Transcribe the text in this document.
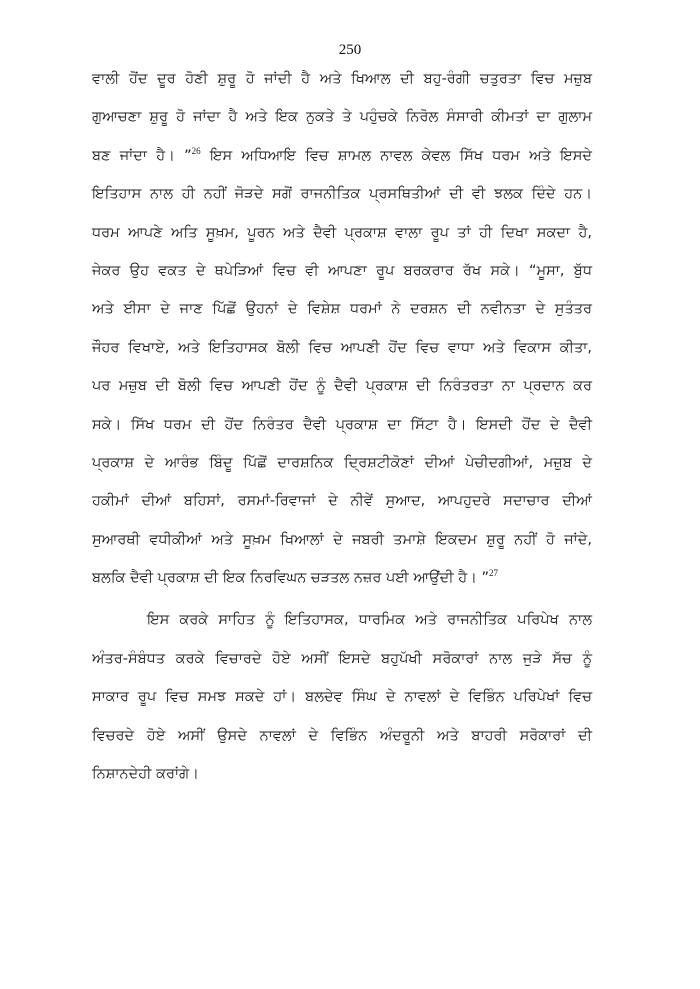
250
ਵਾਲੀ ਹੋਂਦ ਦੂਰ ਹੋਣੀ ਸ਼ੁਰੂ ਹੋ ਜਾਂਦੀ ਹੈ ਅਤੇ ਖਿਆਲ ਦੀ ਬਹੁ-ਰੰਗੀ ਚਤੁਰਤਾ ਵਿਚ ਮਜ਼ੁਬ
ਗੁਆਚਣਾ ਸ਼ੁਰੂ ਹੋ ਜਾਂਦਾ ਹੈ ਅਤੇ ਇਕ ਨੁਕਤੇ ਤੇ ਪਹੁੰਚਕੇ ਨਿਰੋਲ ਸੰਸਾਰੀ ਕੀਮਤਾਂ ਦਾ ਗੁਲਾਮ
ਬਣ ਜਾਂਦਾ ਹੈ। ”$^{26}$ ਇਸ ਅਧਿਆਇ ਵਿਚ ਸ਼ਾਮਲ ਨਾਵਲ ਕੇਵਲ ਸਿੱਖ ਧਰਮ ਅਤੇ ਇਸਦੇ
ਇਤਿਹਾਸ ਨਾਲ ਹੀ ਨਹੀਂ ਜੋੜਦੇ ਸਗੋਂ ਰਾਜਨੀਤਿਕ ਪ੍ਰਸਥਿਤੀਆਂ ਦੀ ਵੀ ਝਲਕ ਦਿੰਦੇ ਹਨ।
ਧਰਮ ਆਪਣੇ ਅਤਿ ਸੂਖ਼ਮ, ਪੂਰਨ ਅਤੇ ਦੈਵੀ ਪ੍ਰਕਾਸ਼ ਵਾਲਾ ਰੂਪ ਤਾਂ ਹੀ ਦਿਖਾ ਸਕਦਾ ਹੈ,
ਜੇਕਰ ਉਹ ਵਕਤ ਦੇ ਥਪੇੜਿਆਂ ਵਿਚ ਵੀ ਆਪਣਾ ਰੂਪ ਬਰਕਰਾਰ ਰੱਖ ਸਕੇ। “ਮੂਸਾ, ਬੁੱਧ
ਅਤੇ ਈਸਾ ਦੇ ਜਾਣ ਪਿੱਛੋਂ ਉਹਨਾਂ ਦੇ ਵਿਸ਼ੇਸ਼ ਧਰਮਾਂ ਨੇ ਦਰਸ਼ਨ ਦੀ ਨਵੀਨਤਾ ਦੇ ਸੁਤੰਤਰ
ਜੌਹਰ ਵਿਖਾਏ, ਅਤੇ ਇਤਿਹਾਸਕ ਬੋਲੀ ਵਿਚ ਆਪਣੀ ਹੋਂਦ ਵਿਚ ਵਾਧਾ ਅਤੇ ਵਿਕਾਸ ਕੀਤਾ,
ਪਰ ਮਜ਼ੁਬ ਦੀ ਬੋਲੀ ਵਿਚ ਆਪਣੀ ਹੋਂਦ ਨੂੰ ਦੈਵੀ ਪ੍ਰਕਾਸ਼ ਦੀ ਨਿਰੰਤਰਤਾ ਨਾ ਪ੍ਰਦਾਨ ਕਰ
ਸਕੇ। ਸਿੱਖ ਧਰਮ ਦੀ ਹੋਂਦ ਨਿਰੰਤਰ ਦੈਵੀ ਪ੍ਰਕਾਸ਼ ਦਾ ਸਿੱਟਾ ਹੈ। ਇਸਦੀ ਹੋਂਦ ਦੇ ਦੈਵੀ
ਪ੍ਰਕਾਸ਼ ਦੇ ਆਰੰਭ ਬਿੰਦੂ ਪਿੱਛੋਂ ਦਾਰਸ਼ਨਿਕ ਦ੍ਰਿਸ਼ਟੀਕੋਣਾਂ ਦੀਆਂ ਪੇਚੀਦਗੀਆਂ, ਮਜ਼ੁਬ ਦੇ
ਹਕੀਮਾਂ ਦੀਆਂ ਬਹਿਸਾਂ, ਰਸਮਾਂ-ਰਿਵਾਜਾਂ ਦੇ ਨੀਵੇਂ ਸੁਆਦ, ਆਪਹੁਦਰੇ ਸਦਾਚਾਰ ਦੀਆਂ
ਸੁਆਰਥੀ ਵਧੀਕੀਆਂ ਅਤੇ ਸੂਖ਼ਮ ਖਿਆਲਾਂ ਦੇ ਜਬਰੀ ਤਮਾਸ਼ੇ ਇਕਦਮ ਸ਼ੁਰੂ ਨਹੀਂ ਹੋ ਜਾਂਦੇ,
ਬਲਕਿ ਦੈਵੀ ਪ੍ਰਕਾਸ਼ ਦੀ ਇਕ ਨਿਰਵਿਘਨ ਚੜਤਲ ਨਜ਼ਰ ਪਈ ਆਉਂਦੀ ਹੈ। ”$^{27}$
ਇਸ ਕਰਕੇ ਸਾਹਿਤ ਨੂੰ ਇਤਿਹਾਸਕ, ਧਾਰਮਿਕ ਅਤੇ ਰਾਜਨੀਤਿਕ ਪਰਿਪੇਖ ਨਾਲ
ਅੰਤਰ-ਸੰਬੰਧਤ ਕਰਕੇ ਵਿਚਾਰਦੇ ਹੋਏ ਅਸੀਂ ਇਸਦੇ ਬਹੁਪੱਖੀ ਸਰੋਕਾਰਾਂ ਨਾਲ ਜੁੜੇ ਸੱਚ ਨੂੰ
ਸਾਕਾਰ ਰੂਪ ਵਿਚ ਸਮਝ ਸਕਦੇ ਹਾਂ। ਬਲਦੇਵ ਸਿੰਘ ਦੇ ਨਾਵਲਾਂ ਦੇ ਵਿਭਿੰਨ ਪਰਿਪੇਖਾਂ ਵਿਚ
ਵਿਚਰਦੇ ਹੋਏ ਅਸੀਂ ਉਸਦੇ ਨਾਵਲਾਂ ਦੇ ਵਿਭਿੰਨ ਅੰਦਰੂਨੀ ਅਤੇ ਬਾਹਰੀ ਸਰੋਕਾਰਾਂ ਦੀ
ਨਿਸ਼ਾਨਦੇਹੀ ਕਰਾਂਗੇ।
